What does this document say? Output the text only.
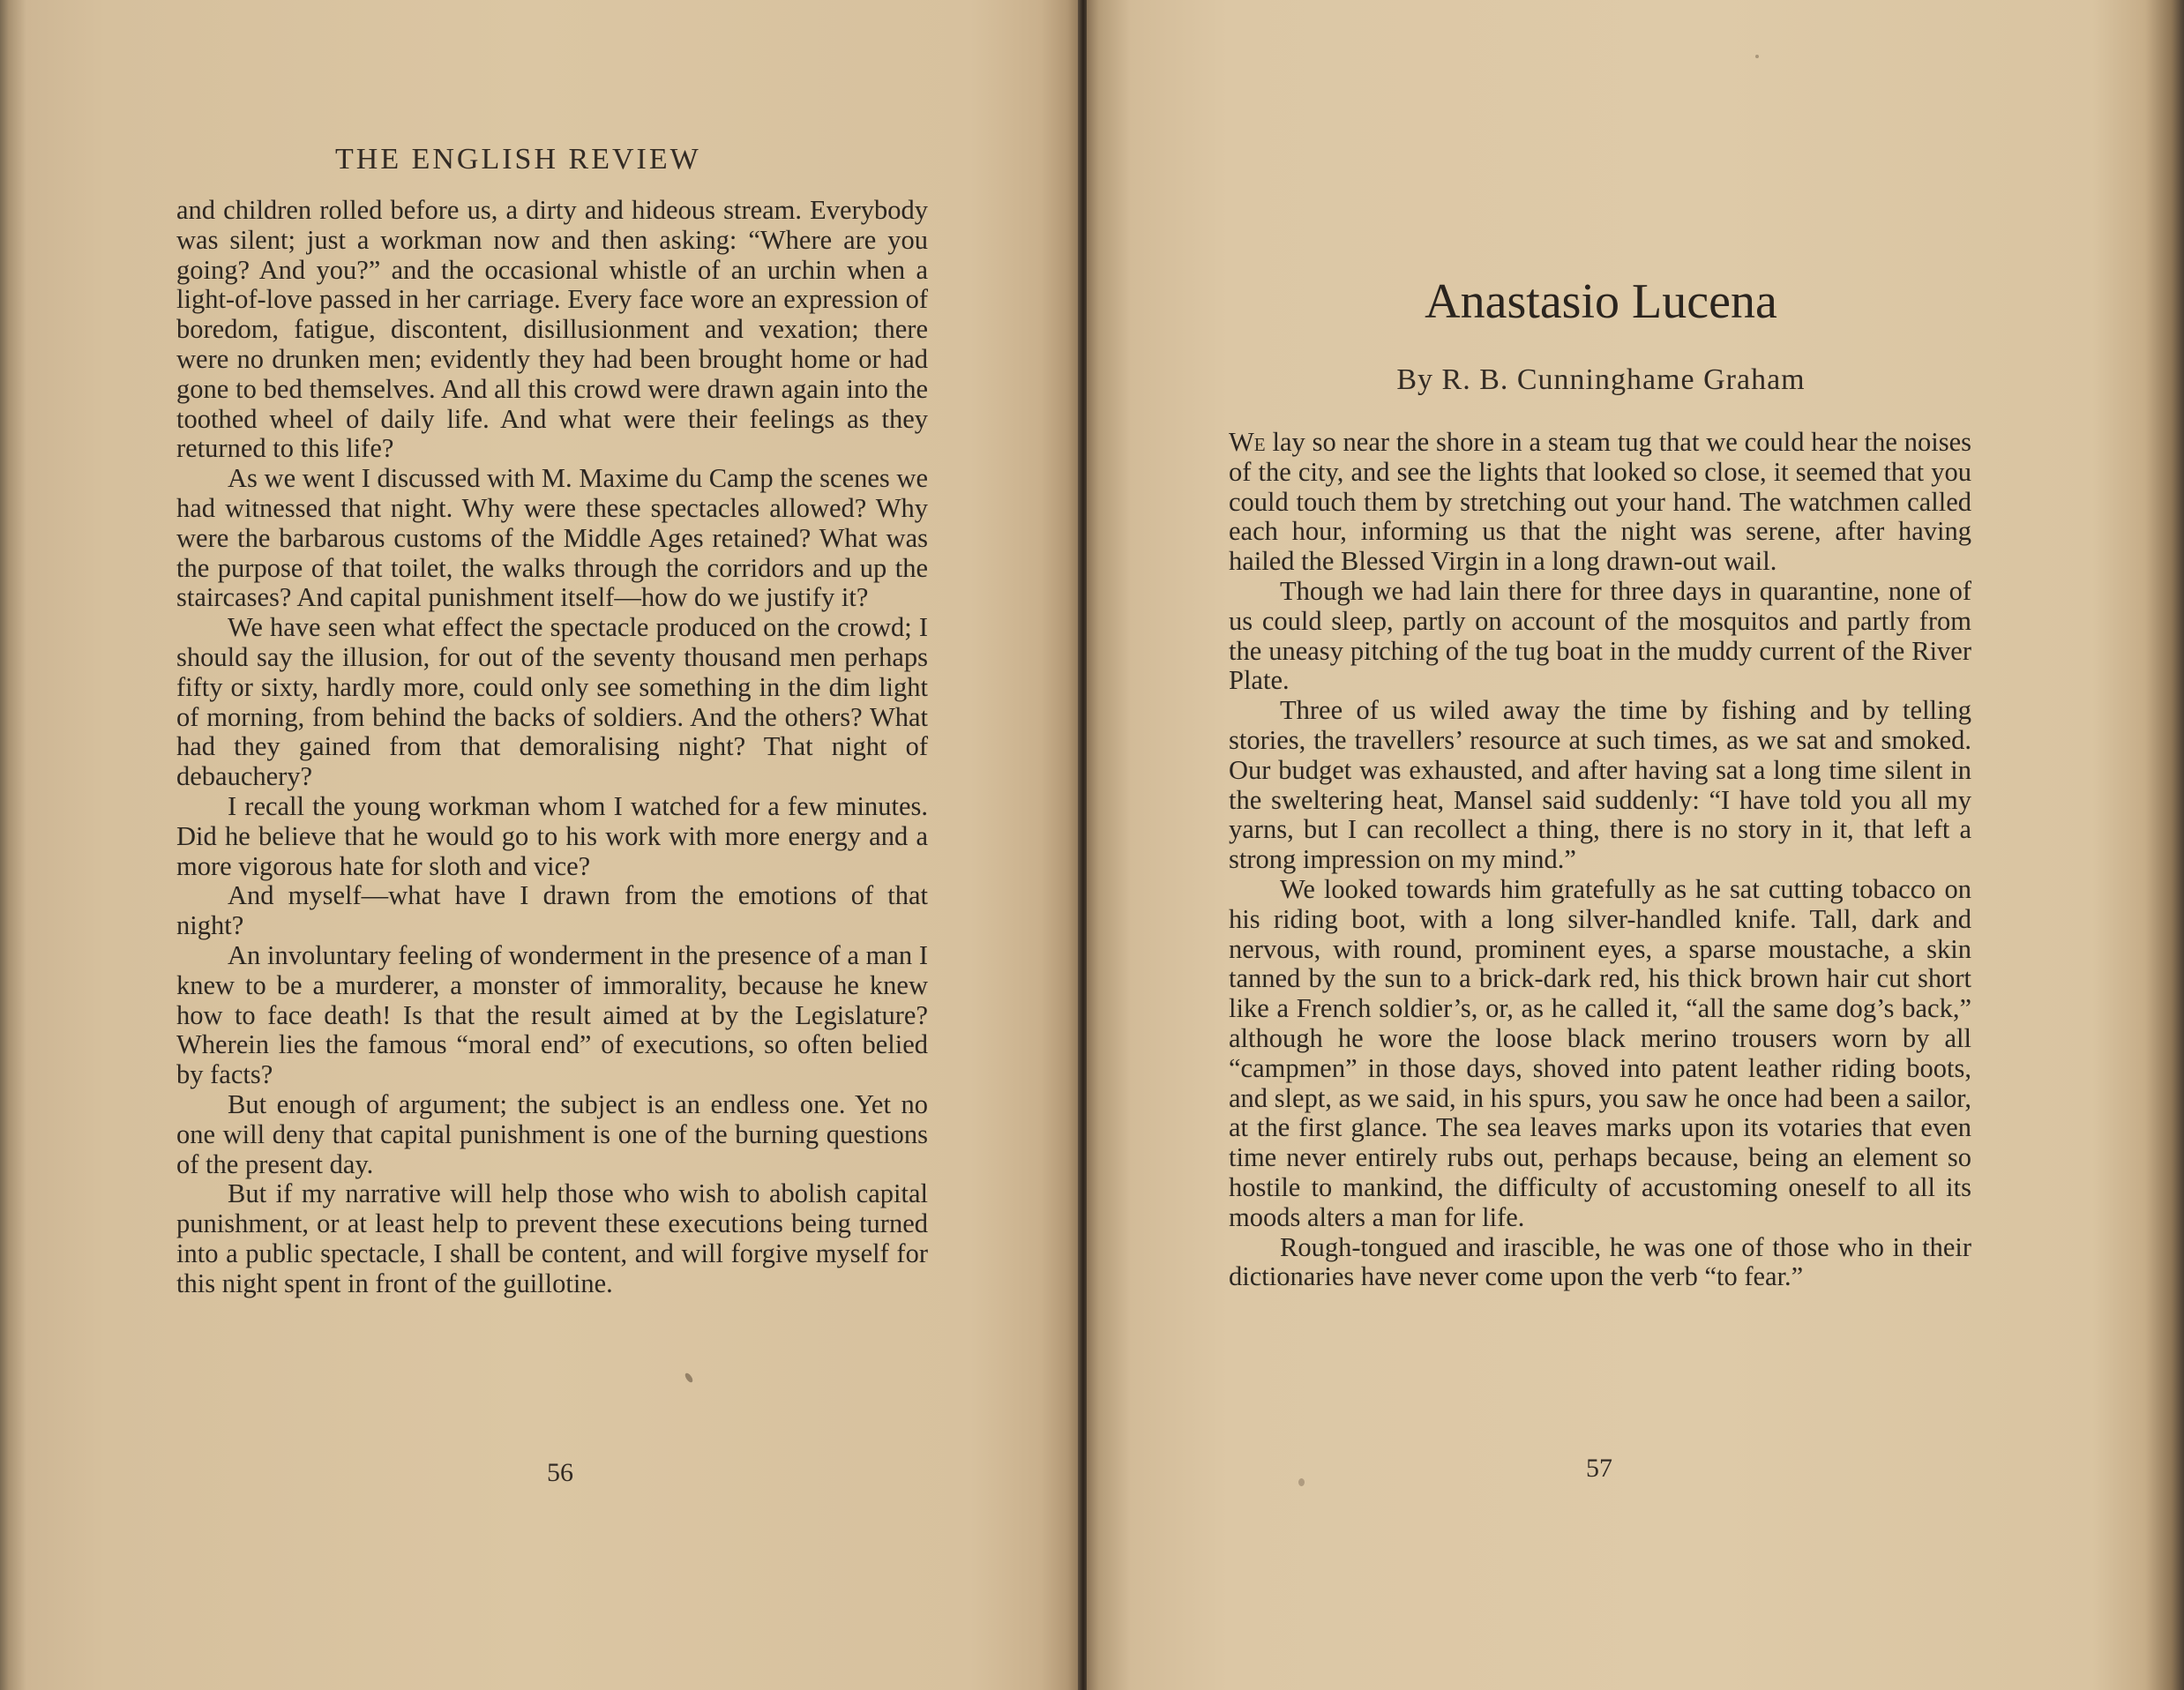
THE ENGLISH REVIEW

and children rolled before us, a dirty and hideous stream. Everybody was silent; just a workman now and then asking: “Where are you going? And you?” and the occasional whistle of an urchin when a light-of-love passed in her carriage. Every face wore an expression of boredom, fatigue, discontent, disillusionment and vexation; there were no drunken men; evidently they had been brought home or had gone to bed themselves. And all this crowd were drawn again into the toothed wheel of daily life. And what were their feelings as they returned to this life?

As we went I discussed with M. Maxime du Camp the scenes we had witnessed that night. Why were these spectacles allowed? Why were the barbarous customs of the Middle Ages retained? What was the purpose of that toilet, the walks through the corridors and up the staircases? And capital punishment itself—how do we justify it?

We have seen what effect the spectacle produced on the crowd; I should say the illusion, for out of the seventy thousand men perhaps fifty or sixty, hardly more, could only see something in the dim light of morning, from behind the backs of soldiers. And the others? What had they gained from that demoralising night? That night of debauchery?

I recall the young workman whom I watched for a few minutes. Did he believe that he would go to his work with more energy and a more vigorous hate for sloth and vice?

And myself—what have I drawn from the emotions of that night?

An involuntary feeling of wonderment in the presence of a man I knew to be a murderer, a monster of immorality, because he knew how to face death! Is that the result aimed at by the Legislature? Wherein lies the famous “moral end” of executions, so often belied by facts?

But enough of argument; the subject is an endless one. Yet no one will deny that capital punishment is one of the burning questions of the present day.

But if my narrative will help those who wish to abolish capital punishment, or at least help to prevent these executions being turned into a public spectacle, I shall be content, and will forgive myself for this night spent in front of the guillotine.

56
Anastasio Lucena
By R. B. Cunninghame Graham

We lay so near the shore in a steam tug that we could hear the noises of the city, and see the lights that looked so close, it seemed that you could touch them by stretching out your hand. The watchmen called each hour, informing us that the night was serene, after having hailed the Blessed Virgin in a long drawn-out wail.

Though we had lain there for three days in quarantine, none of us could sleep, partly on account of the mosquitos and partly from the uneasy pitching of the tug boat in the muddy current of the River Plate.

Three of us wiled away the time by fishing and by telling stories, the travellers’ resource at such times, as we sat and smoked. Our budget was exhausted, and after having sat a long time silent in the sweltering heat, Mansel said suddenly: “I have told you all my yarns, but I can recollect a thing, there is no story in it, that left a strong impression on my mind.”

We looked towards him gratefully as he sat cutting tobacco on his riding boot, with a long silver-handled knife. Tall, dark and nervous, with round, prominent eyes, a sparse moustache, a skin tanned by the sun to a brick-dark red, his thick brown hair cut short like a French soldier’s, or, as he called it, “all the same dog’s back,” although he wore the loose black merino trousers worn by all “campmen” in those days, shoved into patent leather riding boots, and slept, as we said, in his spurs, you saw he once had been a sailor, at the first glance. The sea leaves marks upon its votaries that even time never entirely rubs out, perhaps because, being an element so hostile to mankind, the difficulty of accustoming oneself to all its moods alters a man for life.

Rough-tongued and irascible, he was one of those who in their dictionaries have never come upon the verb “to fear.”

57
